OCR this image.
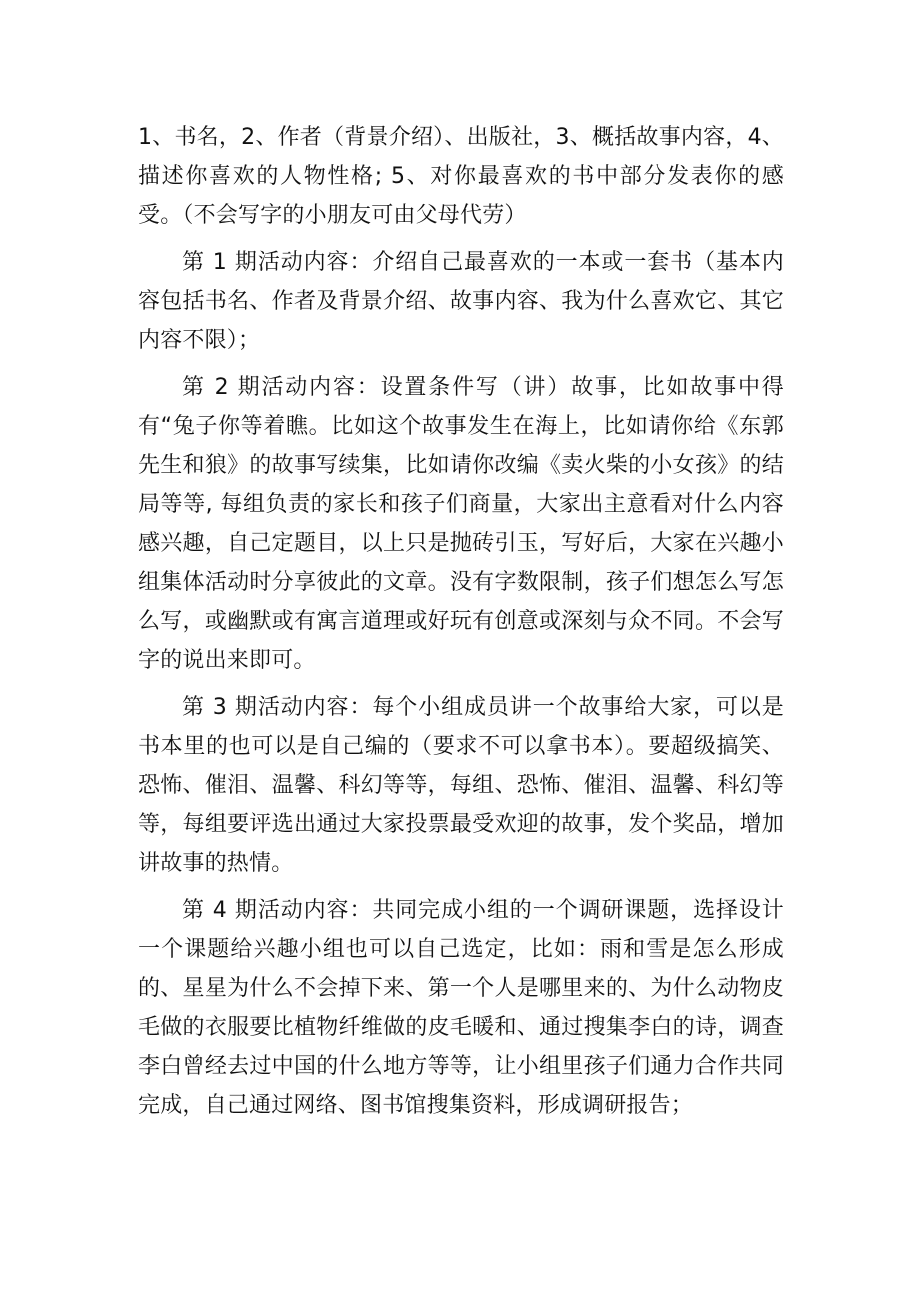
1、书名，2、作者（背景介绍）、出版社，3、概括故事内容，4、描述你喜欢的人物性格; 5、对你最喜欢的书中部分发表你的感受。（不会写字的小朋友可由父母代劳）

第 1 期活动内容：介绍自己最喜欢的一本或一套书（基本内容包括书名、作者及背景介绍、故事内容、我为什么喜欢它、其它内容不限）；

第 2 期活动内容：设置条件写（讲）故事，比如故事中得有“兔子你等着瞧。比如这个故事发生在海上，比如请你给《东郭先生和狼》的故事写续集，比如请你改编《卖火柴的小女孩》的结局等等, 每组负责的家长和孩子们商量，大家出主意看对什么内容感兴趣，自己定题目，以上只是抛砖引玉，写好后，大家在兴趣小组集体活动时分享彼此的文章。没有字数限制，孩子们想怎么写怎么写，或幽默或有寓言道理或好玩有创意或深刻与众不同。不会写字的说出来即可。

第 3 期活动内容：每个小组成员讲一个故事给大家，可以是书本里的也可以是自己编的（要求不可以拿书本）。要超级搞笑、恐怖、催泪、温馨、科幻等等，每组、恐怖、催泪、温馨、科幻等等，每组要评选出通过大家投票最受欢迎的故事，发个奖品，增加讲故事的热情。

第 4 期活动内容：共同完成小组的一个调研课题，选择设计一个课题给兴趣小组也可以自己选定，比如：雨和雪是怎么形成的、星星为什么不会掉下来、第一个人是哪里来的、为什么动物皮毛做的衣服要比植物纤维做的皮毛暖和、通过搜集李白的诗，调查李白曾经去过中国的什么地方等等，让小组里孩子们通力合作共同完成，自己通过网络、图书馆搜集资料，形成调研报告；
